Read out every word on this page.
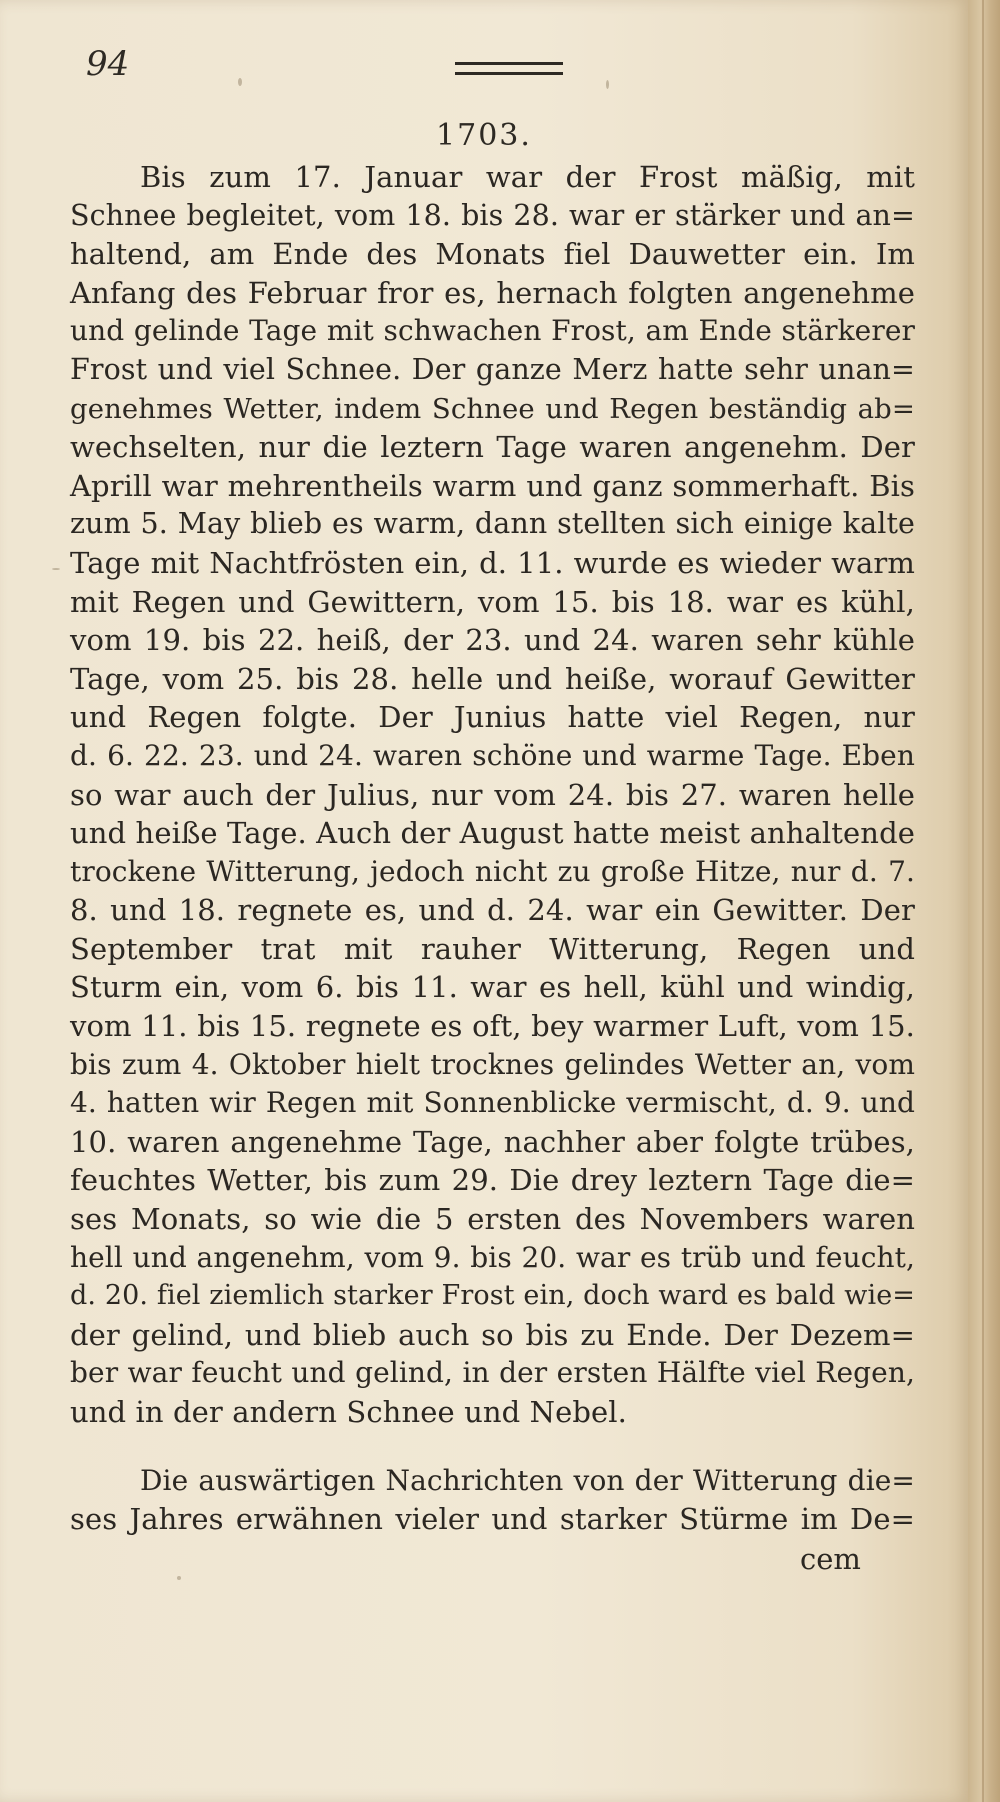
94
1703.
Bis zum 17. Januar war der Frost mäßig, mit
Schnee begleitet, vom 18. bis 28. war er stärker und an=
haltend, am Ende des Monats fiel Dauwetter ein. Im
Anfang des Februar fror es, hernach folgten angenehme
und gelinde Tage mit schwachen Frost, am Ende stärkerer
Frost und viel Schnee. Der ganze Merz hatte sehr unan=
genehmes Wetter, indem Schnee und Regen beständig ab=
wechselten, nur die leztern Tage waren angenehm. Der
Aprill war mehrentheils warm und ganz sommerhaft. Bis
zum 5. May blieb es warm, dann stellten sich einige kalte
Tage mit Nachtfrösten ein, d. 11. wurde es wieder warm
mit Regen und Gewittern, vom 15. bis 18. war es kühl,
vom 19. bis 22. heiß, der 23. und 24. waren sehr kühle
Tage, vom 25. bis 28. helle und heiße, worauf Gewitter
und Regen folgte. Der Junius hatte viel Regen, nur
d. 6. 22. 23. und 24. waren schöne und warme Tage. Eben
so war auch der Julius, nur vom 24. bis 27. waren helle
und heiße Tage. Auch der August hatte meist anhaltende
trockene Witterung, jedoch nicht zu große Hitze, nur d. 7.
8. und 18. regnete es, und d. 24. war ein Gewitter. Der
September trat mit rauher Witterung, Regen und
Sturm ein, vom 6. bis 11. war es hell, kühl und windig,
vom 11. bis 15. regnete es oft, bey warmer Luft, vom 15.
bis zum 4. Oktober hielt trocknes gelindes Wetter an, vom
4. hatten wir Regen mit Sonnenblicke vermischt, d. 9. und
10. waren angenehme Tage, nachher aber folgte trübes,
feuchtes Wetter, bis zum 29. Die drey leztern Tage die=
ses Monats, so wie die 5 ersten des Novembers waren
hell und angenehm, vom 9. bis 20. war es trüb und feucht,
d. 20. fiel ziemlich starker Frost ein, doch ward es bald wie=
der gelind, und blieb auch so bis zu Ende. Der Dezem=
ber war feucht und gelind, in der ersten Hälfte viel Regen,
und in der andern Schnee und Nebel.
Die auswärtigen Nachrichten von der Witterung die=
ses Jahres erwähnen vieler und starker Stürme im De=
cem
